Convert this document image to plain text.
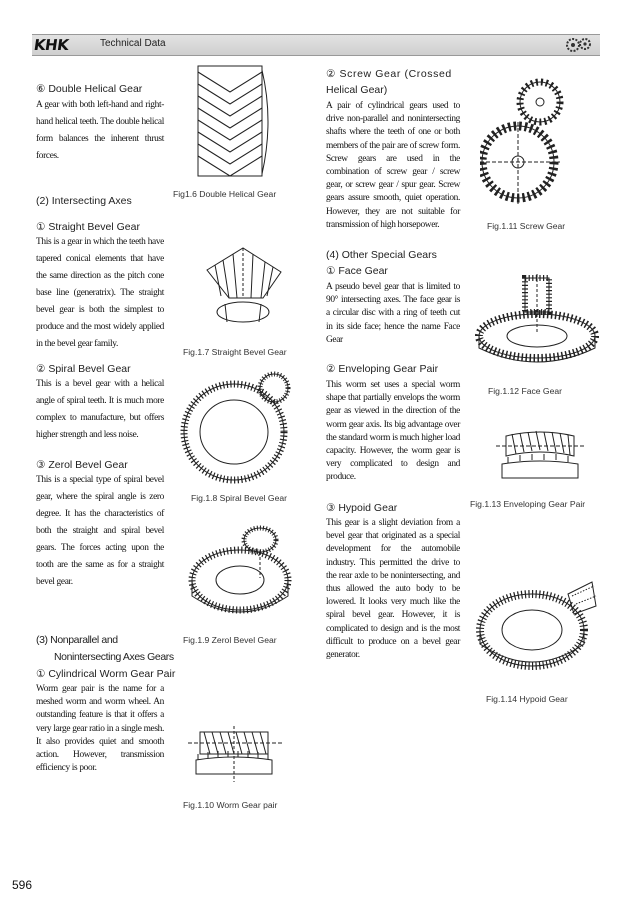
KHK	Technical Data
⑥ Double Helical Gear
A gear with both left-hand and right-hand helical teeth. The double helical form balances the inherent thrust forces.
(2) Intersecting Axes
① Straight Bevel Gear
This is a gear in which the teeth have tapered conical elements that have the same direction as the pitch cone base line (generatrix). The straight bevel gear is both the simplest to produce and the most widely applied in the bevel gear family.
② Spiral Bevel Gear
This is a bevel gear with a helical angle of spiral teeth. It is much more complex to manufacture, but offers higher strength and less noise.
③ Zerol Bevel Gear
This is a special type of spiral bevel gear, where the spiral angle is zero degree. It has the characteristics of both the straight and spiral bevel gears. The forces acting upon the tooth are the same as for a straight bevel gear.
(3) Nonparallel and
Nonintersecting Axes Gears
① Cylindrical Worm Gear Pair
Worm gear pair is the name for a meshed worm and worm wheel. An outstanding feature is that it offers a very large gear ratio in a single mesh. It also provides quiet and smooth action. However, transmission efficiency is poor.
Fig1.6 Double Helical Gear
Fig.1.7 Straight Bevel Gear
Fig.1.8 Spiral Bevel Gear
Fig.1.9 Zerol Bevel Gear
Fig.1.10 Worm Gear pair
② Screw Gear (Crossed
Helical Gear)
A pair of cylindrical gears used to drive non-parallel and nonintersecting shafts where the teeth of one or both members of the pair are of screw form. Screw gears are used in the combination of screw gear / screw gear, or screw gear / spur gear. Screw gears assure smooth, quiet operation. However, they are not suitable for transmission of high horsepower.
(4) Other Special Gears
① Face Gear
A pseudo bevel gear that is limited to 90° intersecting axes. The face gear is a circular disc with a ring of teeth cut in its side face; hence the name Face Gear
② Enveloping Gear Pair
This worm set uses a special worm shape that partially envelops the worm gear as viewed in the direction of the worm gear axis. Its big advantage over the standard worm is much higher load capacity. However, the worm gear is very complicated to design and produce.
③ Hypoid Gear
This gear is a slight deviation from a bevel gear that originated as a special development for the automobile industry. This permitted the drive to the rear axle to be nonintersecting, and thus allowed the auto body to be lowered. It looks very much like the spiral bevel gear. However, it is complicated to design and is the most difficult to produce on a bevel gear generator.
Fig.1.11 Screw Gear
Fig.1.12 Face Gear
Fig.1.13 Enveloping Gear Pair
Fig.1.14 Hypoid Gear
596
